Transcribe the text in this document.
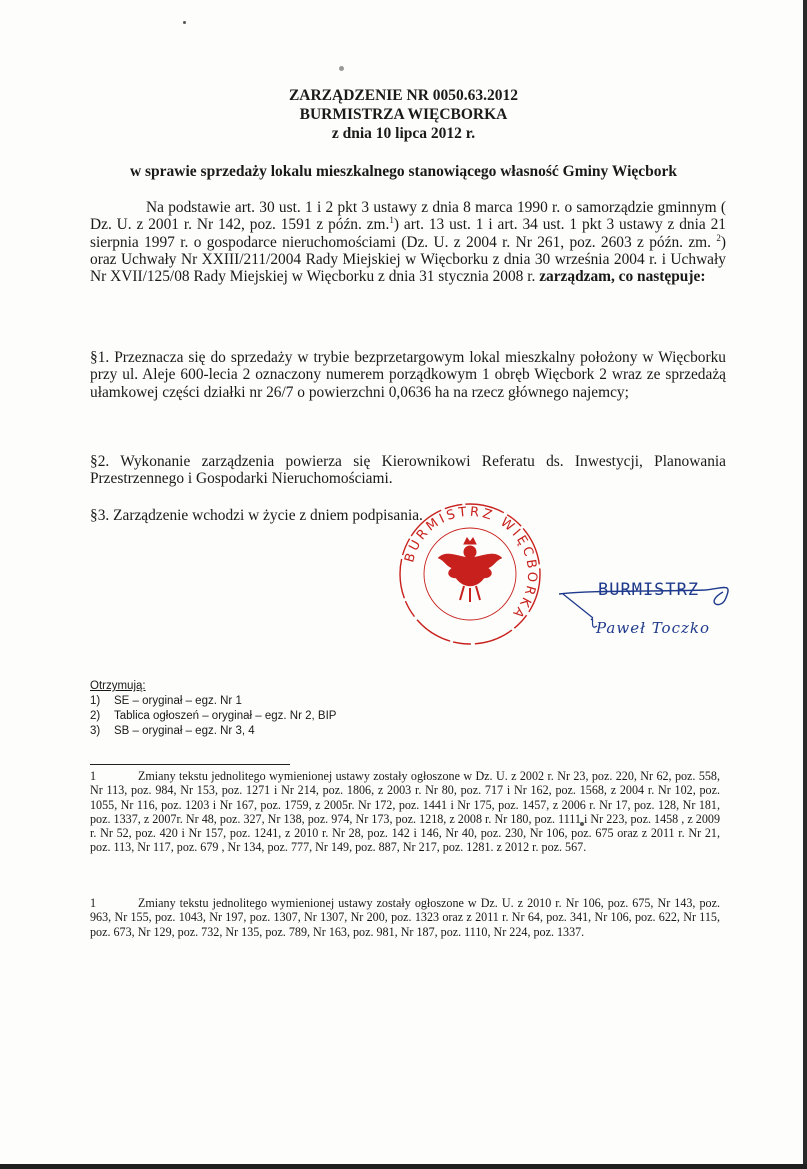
ZARZĄDZENIE NR 0050.63.2012
BURMISTRZA WIĘCBORKA
z dnia 10 lipca 2012 r.
w sprawie sprzedaży lokalu mieszkalnego stanowiącego własność Gminy Więcbork
Na podstawie art. 30 ust. 1 i 2 pkt 3 ustawy z dnia 8 marca 1990 r. o samorządzie gminnym ( Dz. U. z 2001 r. Nr 142, poz. 1591 z późn. zm.$^1$) art. 13 ust. 1 i art. 34 ust. 1 pkt 3 ustawy z dnia 21 sierpnia 1997 r. o gospodarce nieruchomościami (Dz. U. z 2004 r. Nr 261, poz. 2603 z późn. zm. $^2$) oraz Uchwały Nr XXIII/211/2004 Rady Miejskiej w Więcborku z dnia 30 września 2004 r. i Uchwały Nr XVII/125/08 Rady Miejskiej w Więcborku z dnia 31 stycznia 2008 r. zarządzam, co następuje:
§1. Przeznacza się do sprzedaży w trybie bezprzetargowym lokal mieszkalny położony w Więcborku przy ul. Aleje 600-lecia 2 oznaczony numerem porządkowym 1 obręb Więcbork 2 wraz ze sprzedażą ułamkowej części działki nr 26/7 o powierzchni 0,0636 ha na rzecz głównego najemcy;
§2. Wykonanie zarządzenia powierza się Kierownikowi Referatu ds. Inwestycji, Planowania Przestrzennego i Gospodarki Nieruchomościami.
§3. Zarządzenie wchodzi w życie z dniem podpisania.
BURMISTRZ WIĘCBORKA
BURMISTRZ
Paweł Toczko
Otrzymują:
1)	SE – oryginał – egz. Nr 1
2)	Tablica ogłoszeń – oryginał – egz. Nr 2, BIP
3)	SB – oryginał – egz. Nr 3, 4
1	Zmiany tekstu jednolitego wymienionej ustawy zostały ogłoszone w Dz. U. z 2002 r. Nr 23, poz. 220, Nr 62, poz. 558, Nr 113, poz. 984, Nr 153, poz. 1271 i Nr 214, poz. 1806, z 2003 r. Nr 80, poz. 717 i Nr 162, poz. 1568, z 2004 r. Nr 102, poz. 1055, Nr 116, poz. 1203 i Nr 167, poz. 1759, z 2005r. Nr 172, poz. 1441 i Nr 175, poz. 1457, z 2006 r. Nr 17, poz. 128, Nr 181, poz. 1337, z 2007r. Nr 48, poz. 327, Nr 138, poz. 974, Nr 173, poz. 1218, z 2008 r. Nr 180, poz. 1111 i Nr 223, poz. 1458 , z 2009 r. Nr 52, poz. 420 i Nr 157, poz. 1241, z 2010 r. Nr 28, poz. 142 i 146, Nr 40, poz. 230, Nr 106, poz. 675 oraz z 2011 r. Nr 21, poz. 113, Nr 117, poz. 679 , Nr 134, poz. 777, Nr 149, poz. 887, Nr 217, poz. 1281. z 2012 r. poz. 567.
1	Zmiany tekstu jednolitego wymienionej ustawy zostały ogłoszone w Dz. U. z 2010 r. Nr 106, poz. 675, Nr 143, poz. 963, Nr 155, poz. 1043, Nr 197, poz. 1307, Nr 1307, Nr 200, poz. 1323 oraz z 2011 r. Nr 64, poz. 341, Nr 106, poz. 622, Nr 115, poz. 673, Nr 129, poz. 732, Nr 135, poz. 789, Nr 163, poz. 981, Nr 187, poz. 1110, Nr 224, poz. 1337.
